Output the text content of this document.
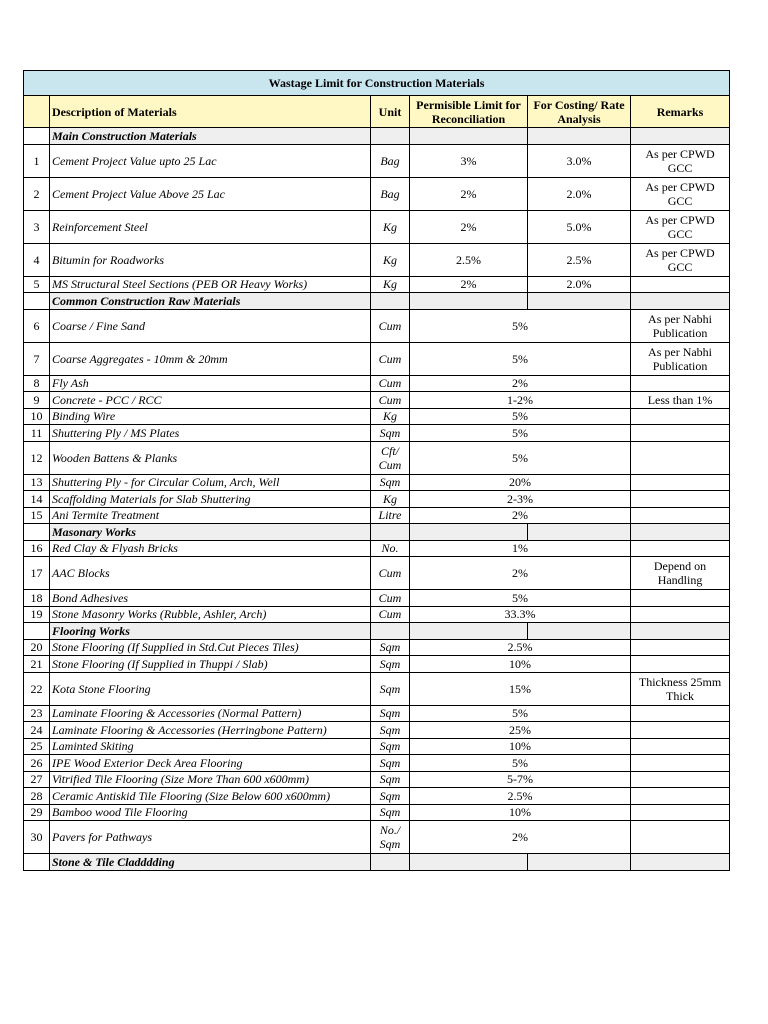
Wastage Limit for Construction Materials					
	Description of Materials	Unit	Permisible Limit for Reconciliation	For Costing/ Rate Analysis	Remarks
	Main Construction Materials				
1	Cement Project Value upto 25 Lac	Bag	3%	3.0%	As per CPWD GCC
2	Cement Project Value Above 25 Lac	Bag	2%	2.0%	As per CPWD GCC
3	Reinforcement Steel	Kg	2%	5.0%	As per CPWD GCC
4	Bitumin for Roadworks	Kg	2.5%	2.5%	As per CPWD GCC
5	MS Structural Steel Sections (PEB OR Heavy Works)	Kg	2%	2.0%	
	Common Construction Raw Materials				
6	Coarse / Fine Sand	Cum	5%		As per Nabhi Publication
7	Coarse Aggregates - 10mm & 20mm	Cum	5%		As per Nabhi Publication
8	Fly Ash	Cum	2%		
9	Concrete - PCC / RCC	Cum	1-2%		Less than 1%
10	Binding Wire	Kg	5%		
11	Shuttering Ply / MS Plates	Sqm	5%		
12	Wooden Battens & Planks	Cft/ Cum	5%		
13	Shuttering Ply - for Circular Colum, Arch, Well	Sqm	20%		
14	Scaffolding Materials for Slab Shuttering	Kg	2-3%		
15	Ani Termite Treatment	Litre	2%		
	Masonary Works				
16	Red Clay & Flyash Bricks	No.	1%		
17	AAC Blocks	Cum	2%		Depend on Handling
18	Bond Adhesives	Cum	5%		
19	Stone Masonry Works (Rubble, Ashler, Arch)	Cum	33.3%		
	Flooring Works				
20	Stone Flooring (If Supplied in Std.Cut Pieces Tiles)	Sqm	2.5%		
21	Stone Flooring (If Supplied in Thuppi / Slab)	Sqm	10%		
22	Kota Stone Flooring	Sqm	15%		Thickness 25mm Thick
23	Laminate Flooring & Accessories (Normal Pattern)	Sqm	5%		
24	Laminate Flooring & Accessories (Herringbone Pattern)	Sqm	25%		
25	Laminted Skiting	Sqm	10%		
26	IPE Wood Exterior Deck Area Flooring	Sqm	5%		
27	Vitrified Tile Flooring (Size More Than 600 x600mm)	Sqm	5-7%		
28	Ceramic Antiskid Tile Flooring (Size Below 600 x600mm)	Sqm	2.5%		
29	Bamboo wood Tile Flooring	Sqm	10%		
30	Pavers for Pathways	No./ Sqm	2%		
	Stone & Tile Cladddding				
